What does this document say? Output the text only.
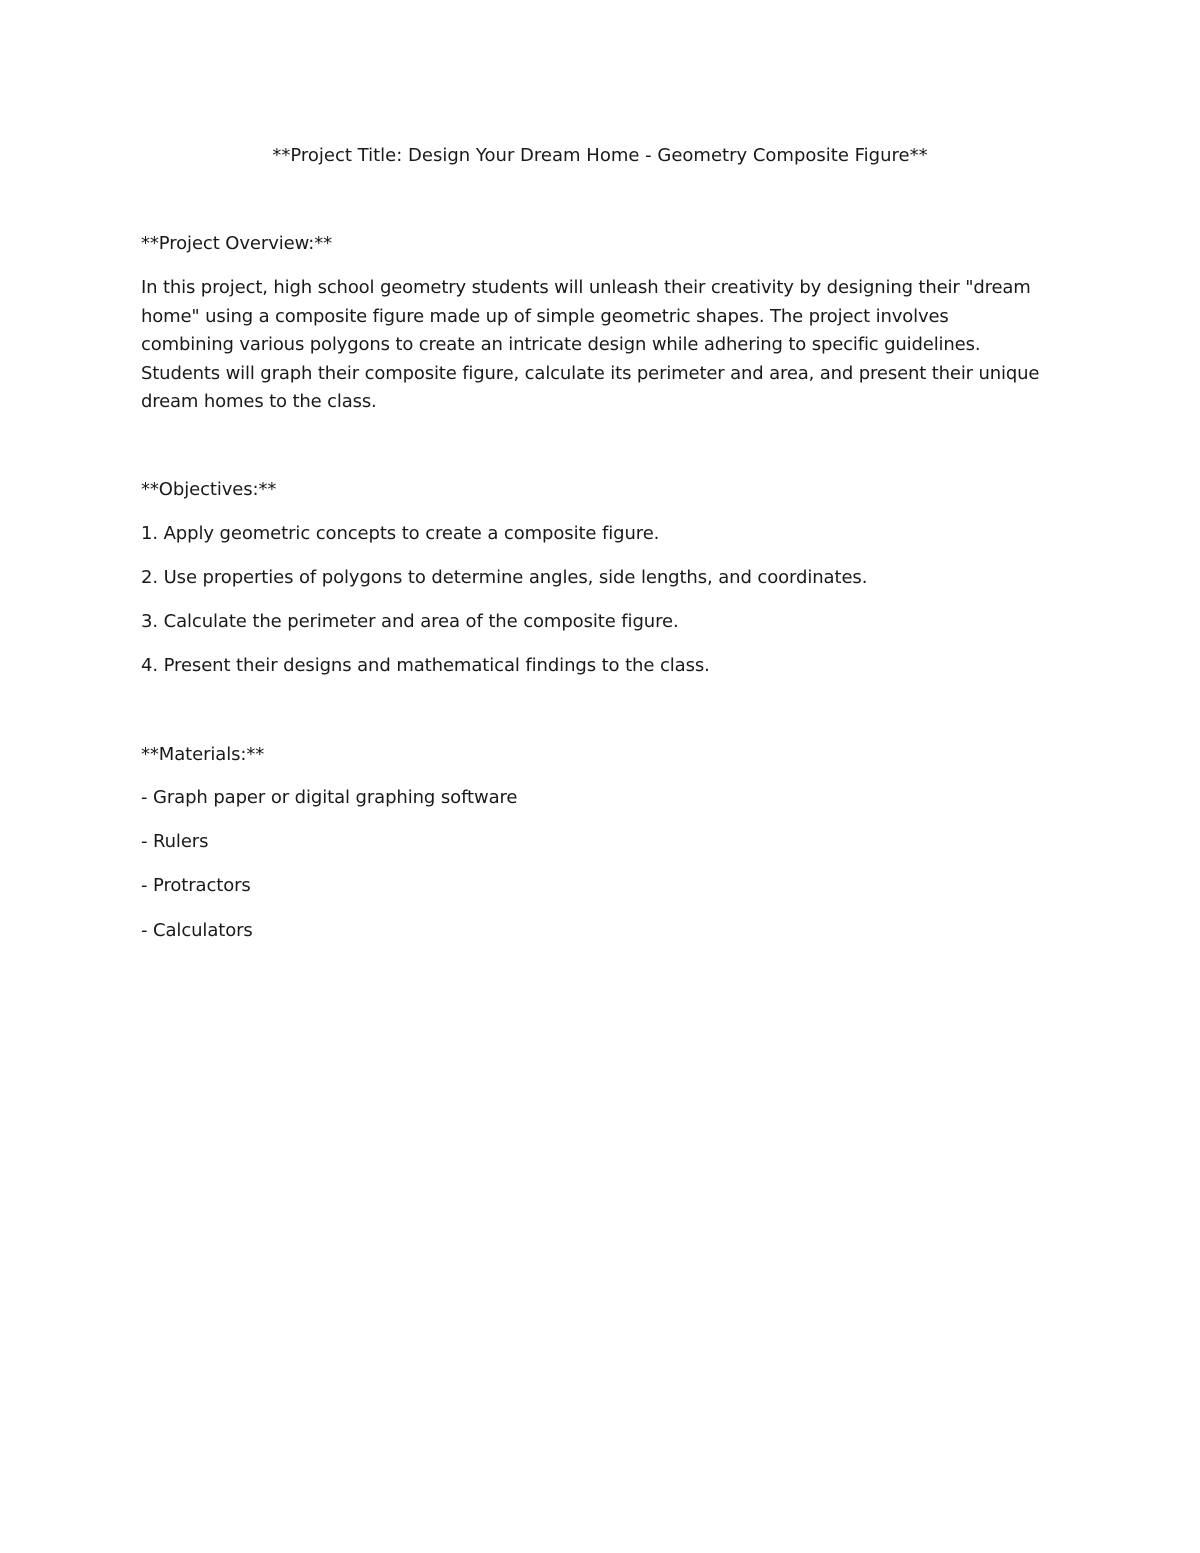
**Project Title: Design Your Dream Home - Geometry Composite Figure**
**Project Overview:**
In this project, high school geometry students will unleash their creativity by designing their "dream home" using a composite figure made up of simple geometric shapes. The project involves combining various polygons to create an intricate design while adhering to specific guidelines. Students will graph their composite figure, calculate its perimeter and area, and present their unique dream homes to the class.
**Objectives:**
1. Apply geometric concepts to create a composite figure.
2. Use properties of polygons to determine angles, side lengths, and coordinates.
3. Calculate the perimeter and area of the composite figure.
4. Present their designs and mathematical findings to the class.
**Materials:**
- Graph paper or digital graphing software
- Rulers
- Protractors
- Calculators
